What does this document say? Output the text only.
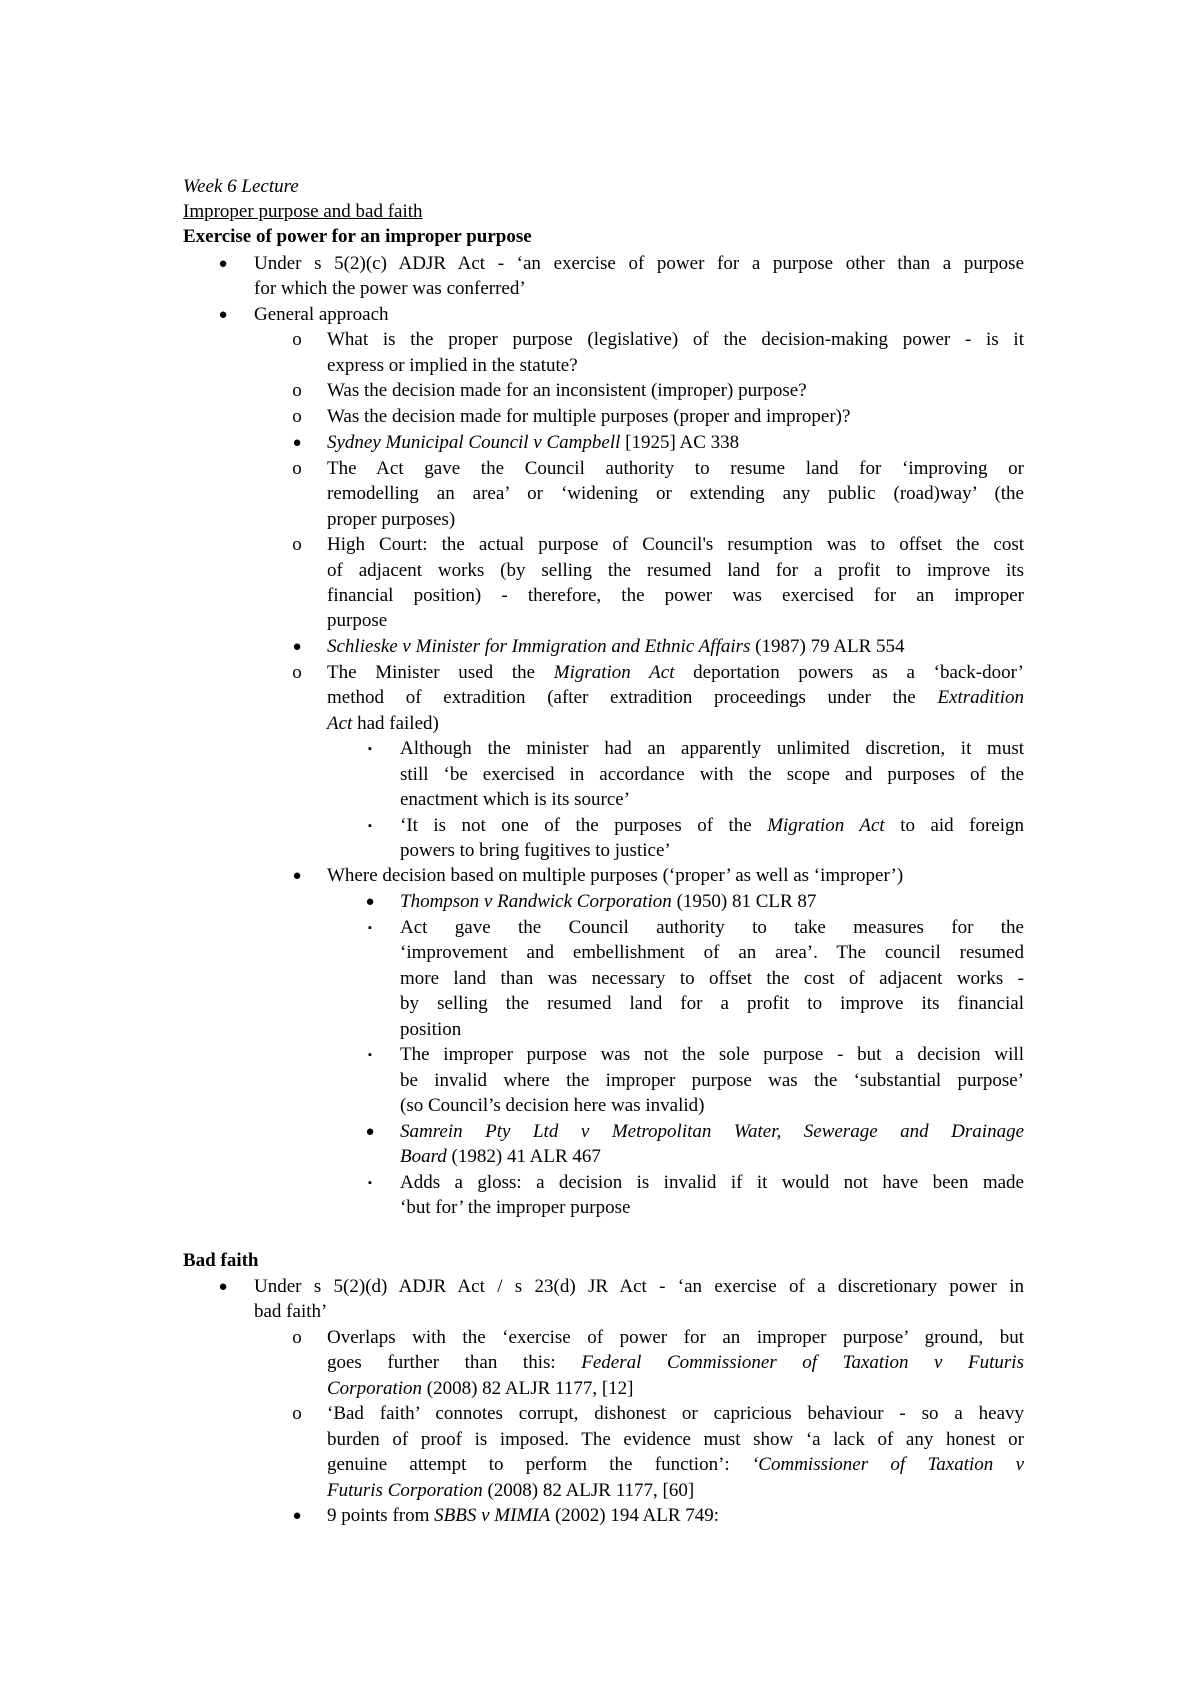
Week 6 Lecture
Improper purpose and bad faith
Exercise of power for an improper purpose
● Under s 5(2)(c) ADJR Act - ‘an exercise of power for a purpose other than a purpose
for which the power was conferred’
● General approach
o What is the proper purpose (legislative) of the decision-making power - is it
express or implied in the statute?
o Was the decision made for an inconsistent (improper) purpose?
o Was the decision made for multiple purposes (proper and improper)?
● Sydney Municipal Council v Campbell [1925] AC 338
o The Act gave the Council authority to resume land for ‘improving or
remodelling an area’ or ‘widening or extending any public (road)way’ (the
proper purposes)
o High Court: the actual purpose of Council's resumption was to offset the cost
of adjacent works (by selling the resumed land for a profit to improve its
financial position) - therefore, the power was exercised for an improper
purpose
● Schlieske v Minister for Immigration and Ethnic Affairs (1987) 79 ALR 554
o The Minister used the Migration Act deportation powers as a ‘back-door’
method of extradition (after extradition proceedings under the Extradition
Act had failed)
▪	Although the minister had an apparently unlimited discretion, it must
still ‘be exercised in accordance with the scope and purposes of the
enactment which is its source’
▪	‘It is not one of the purposes of the Migration Act to aid foreign
powers to bring fugitives to justice’
● Where decision based on multiple purposes (‘proper’ as well as ‘improper’)
● Thompson v Randwick Corporation (1950) 81 CLR 87
▪	Act gave the Council authority to take measures for the
‘improvement and embellishment of an area’. The council resumed
more land than was necessary to offset the cost of adjacent works -
by selling the resumed land for a profit to improve its financial
position
▪	The improper purpose was not the sole purpose - but a decision will
be invalid where the improper purpose was the ‘substantial purpose’
(so Council’s decision here was invalid)
● Samrein Pty Ltd v Metropolitan Water, Sewerage and Drainage
Board (1982) 41 ALR 467
▪	Adds a gloss: a decision is invalid if it would not have been made
‘but for’ the improper purpose
Bad faith
● Under s 5(2)(d) ADJR Act / s 23(d) JR Act - ‘an exercise of a discretionary power in
bad faith’
o Overlaps with the ‘exercise of power for an improper purpose’ ground, but
goes further than this: Federal Commissioner of Taxation v Futuris
Corporation (2008) 82 ALJR 1177, [12]
o ‘Bad faith’ connotes corrupt, dishonest or capricious behaviour - so a heavy
burden of proof is imposed. The evidence must show ‘a lack of any honest or
genuine attempt to perform the function’: ‘Commissioner of Taxation v
Futuris Corporation (2008) 82 ALJR 1177, [60]
● 9 points from SBBS v MIMIA (2002) 194 ALR 749:
